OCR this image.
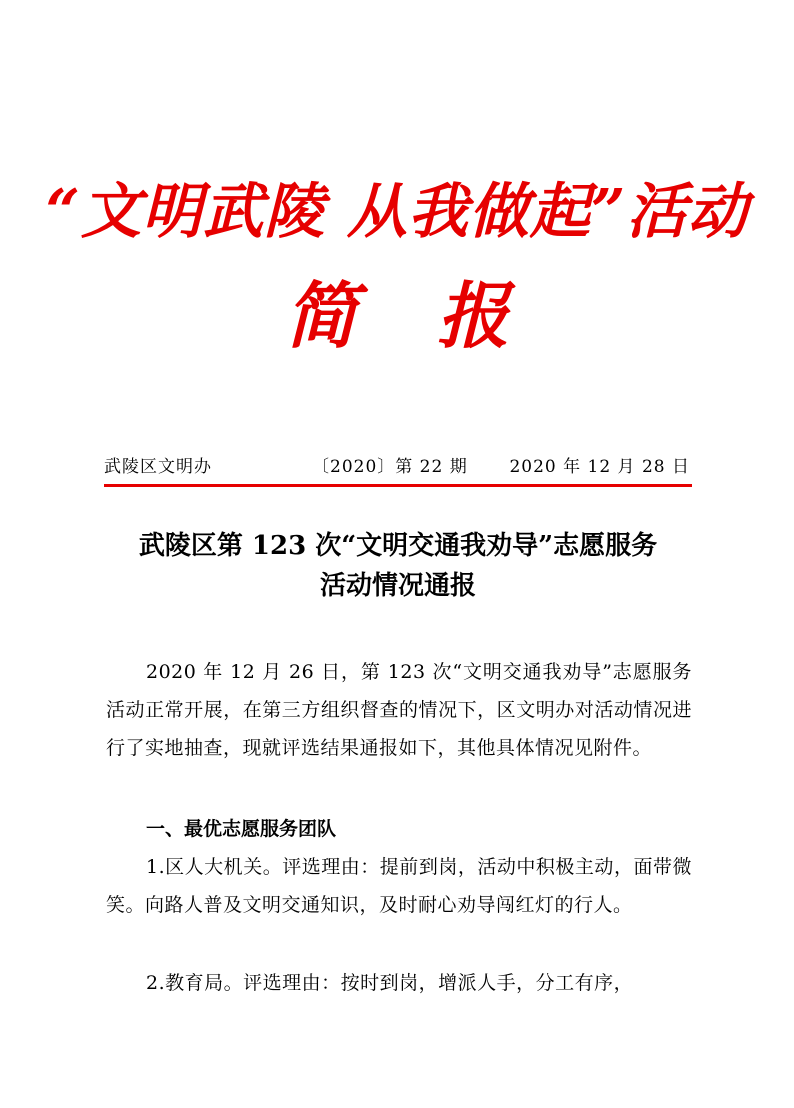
“文明武陵 从我做起”活动
简 报
武陵区文明办	〔2020〕第 22 期 2020 年 12 月 28 日
武陵区第 123 次“文明交通我劝导”志愿服务
活动情况通报
2020 年 12 月 26 日，第 123 次“文明交通我劝导”志愿服务活动正常开展，在第三方组织督查的情况下，区文明办对活动情况进行了实地抽查，现就评选结果通报如下，其他具体情况见附件。
一、最优志愿服务团队
1.区人大机关。评选理由：提前到岗，活动中积极主动，面带微笑。向路人普及文明交通知识，及时耐心劝导闯红灯的行人。
2.教育局。评选理由：按时到岗，增派人手，分工有序，
